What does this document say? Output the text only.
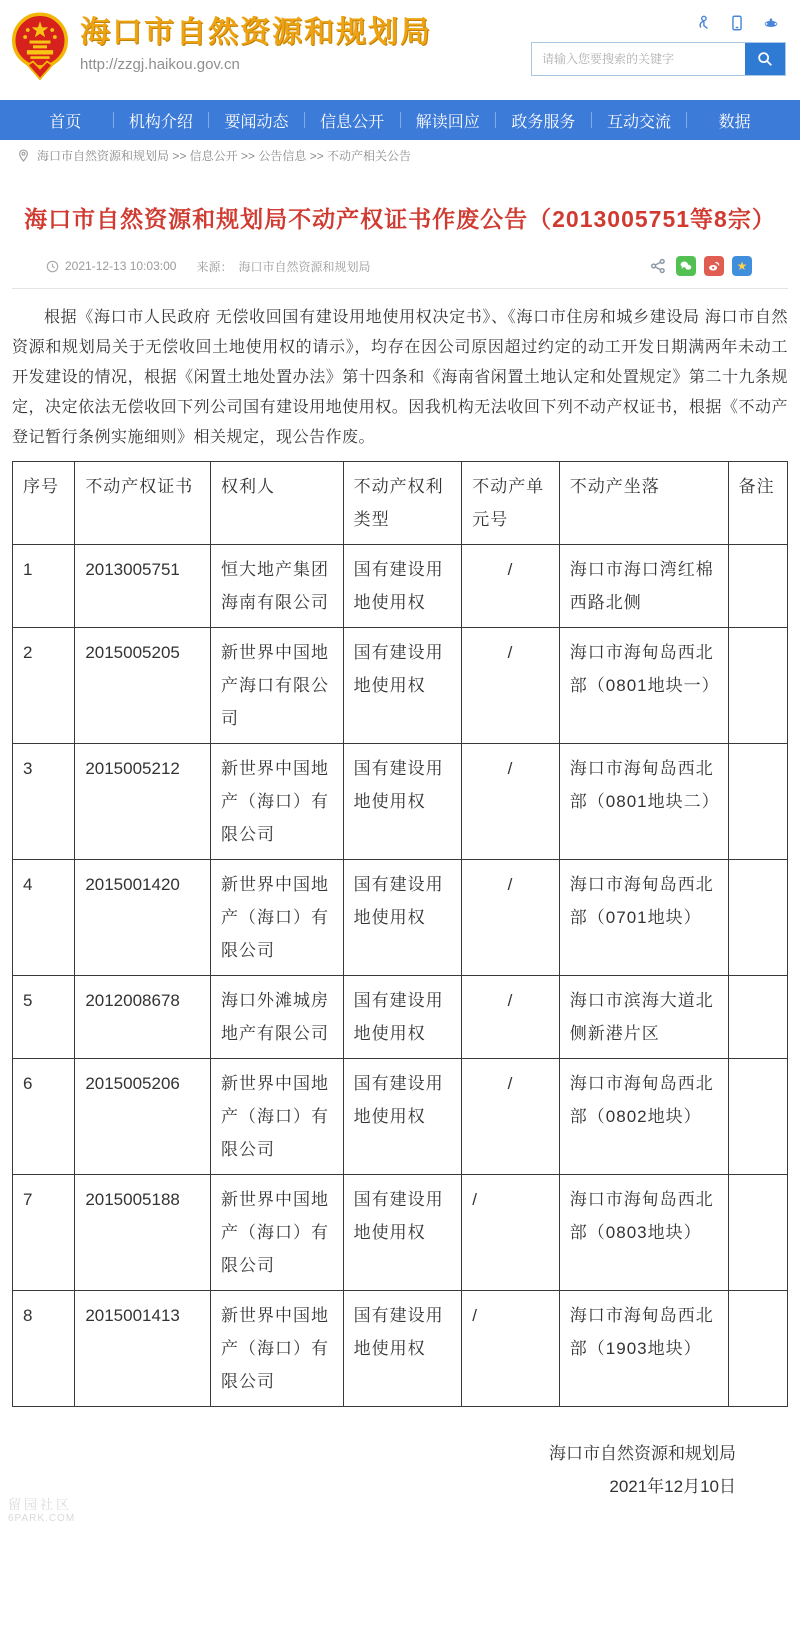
海口市自然资源和规划局
http://zzgj.haikou.gov.cn
请输入您要搜索的关键字
首页	机构介绍	要闻动态	信息公开	解读回应	政务服务	互动交流	数据
海口市自然资源和规划局 >> 信息公开 >> 公告信息 >> 不动产相关公告
海口市自然资源和规划局不动产权证书作废公告（2013005751等8宗）
2021-12-13 10:03:00 来源： 海口市自然资源和规划局	★

根据《海口市人民政府 无偿收回国有建设用地使用权决定书》、《海口市住房和城乡建设局 海口市自然资源和规划局关于无偿收回土地使用权的请示》，均存在因公司原因超过约定的动工开发日期满两年未动工开发建设的情况，根据《闲置土地处置办法》第十四条和《海南省闲置土地认定和处置规定》第二十九条规定，决定依法无偿收回下列公司国有建设用地使用权。因我机构无法收回下列不动产权证书，根据《不动产登记暂行条例实施细则》相关规定，现公告作废。

序号	不动产权证书	权利人	不动产权利类型	不动产单元号	不动产坐落	备注
1	2013005751	恒大地产集团海南有限公司	国有建设用地使用权	/	海口市海口湾红棉西路北侧	
2	2015005205	新世界中国地产海口有限公司	国有建设用地使用权	/	海口市海甸岛西北部（0801地块一）	
3	2015005212	新世界中国地产（海口）有限公司	国有建设用地使用权	/	海口市海甸岛西北部（0801地块二）	
4	2015001420	新世界中国地产（海口）有限公司	国有建设用地使用权	/	海口市海甸岛西北部（0701地块）	
5	2012008678	海口外滩城房地产有限公司	国有建设用地使用权	/	海口市滨海大道北侧新港片区	
6	2015005206	新世界中国地产（海口）有限公司	国有建设用地使用权	/	海口市海甸岛西北部（0802地块）	
7	2015005188	新世界中国地产（海口）有限公司	国有建设用地使用权	/	海口市海甸岛西北部（0803地块）	
8	2015001413	新世界中国地产（海口）有限公司	国有建设用地使用权	/	海口市海甸岛西北部（1903地块）	
海口市自然资源和规划局
2021年12月10日
留园社区
6PARK.COM
